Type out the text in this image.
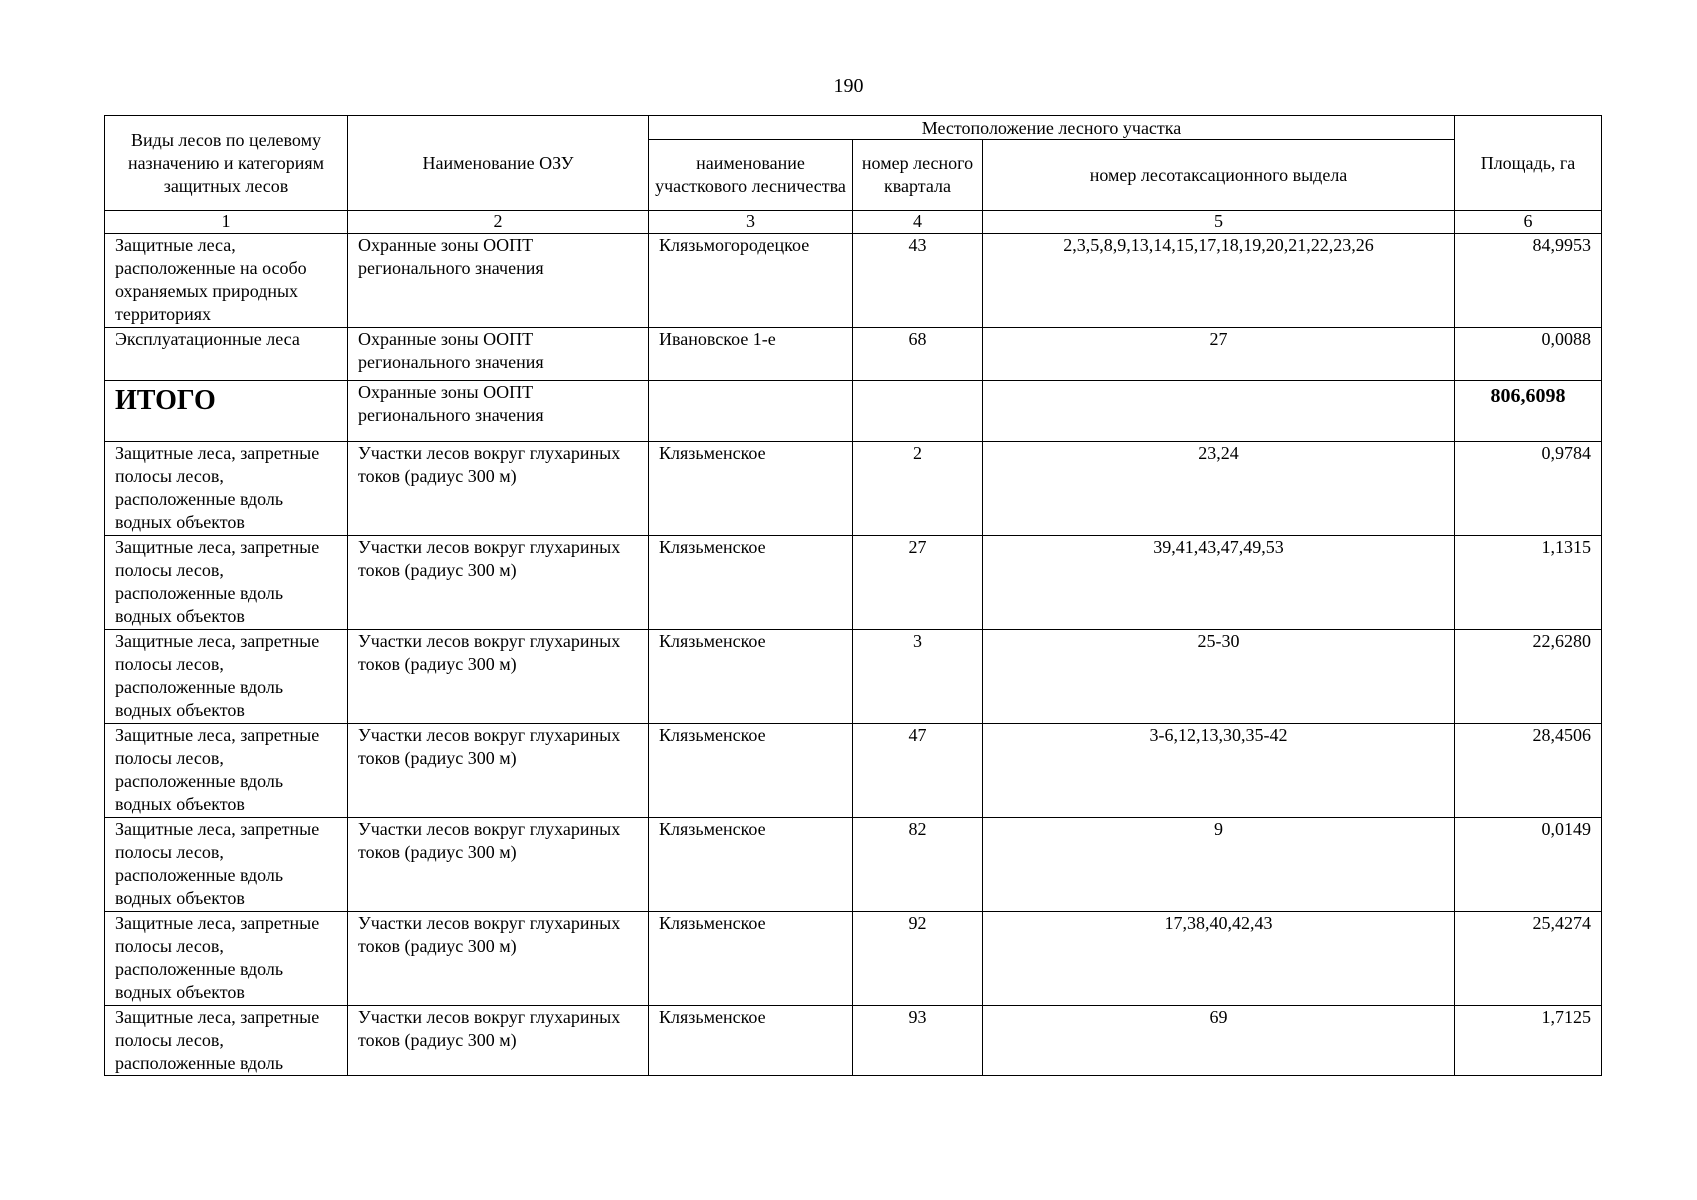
190
Виды лесов по целевому назначению и категориям защитных лесов	Наименование ОЗУ	Местоположение лесного участка			Площадь, га
		наименование участкового лесничества	номер лесного квартала	номер лесотаксационного выдела	
1	2	3	4	5	6
Защитные леса, расположенные на особо охраняемых природных территориях	Охранные зоны ООПТ регионального значения	Клязьмогородецкое	43	2,3,5,8,9,13,14,15,17,18,19,20,21,22,23,26	84,9953
Эксплуатационные леса	Охранные зоны ООПТ регионального значения	Ивановское 1-е	68	27	0,0088

ИТОГО	Охранные зоны ООПТ регионального значения				806,6098

Защитные леса, запретные полосы лесов, расположенные вдоль водных объектов	Участки лесов вокруг глухариных токов (радиус 300 м)	Клязьменское	2	23,24	0,9784
Защитные леса, запретные полосы лесов, расположенные вдоль водных объектов	Участки лесов вокруг глухариных токов (радиус 300 м)	Клязьменское	27	39,41,43,47,49,53	1,1315
Защитные леса, запретные полосы лесов, расположенные вдоль водных объектов	Участки лесов вокруг глухариных токов (радиус 300 м)	Клязьменское	3	25-30	22,6280
Защитные леса, запретные полосы лесов, расположенные вдоль водных объектов	Участки лесов вокруг глухариных токов (радиус 300 м)	Клязьменское	47	3-6,12,13,30,35-42	28,4506
Защитные леса, запретные полосы лесов, расположенные вдоль водных объектов	Участки лесов вокруг глухариных токов (радиус 300 м)	Клязьменское	82	9	0,0149
Защитные леса, запретные полосы лесов, расположенные вдоль водных объектов	Участки лесов вокруг глухариных токов (радиус 300 м)	Клязьменское	92	17,38,40,42,43	25,4274
Защитные леса, запретные полосы лесов, расположенные вдоль	Участки лесов вокруг глухариных токов (радиус 300 м)	Клязьменское	93	69	1,7125
